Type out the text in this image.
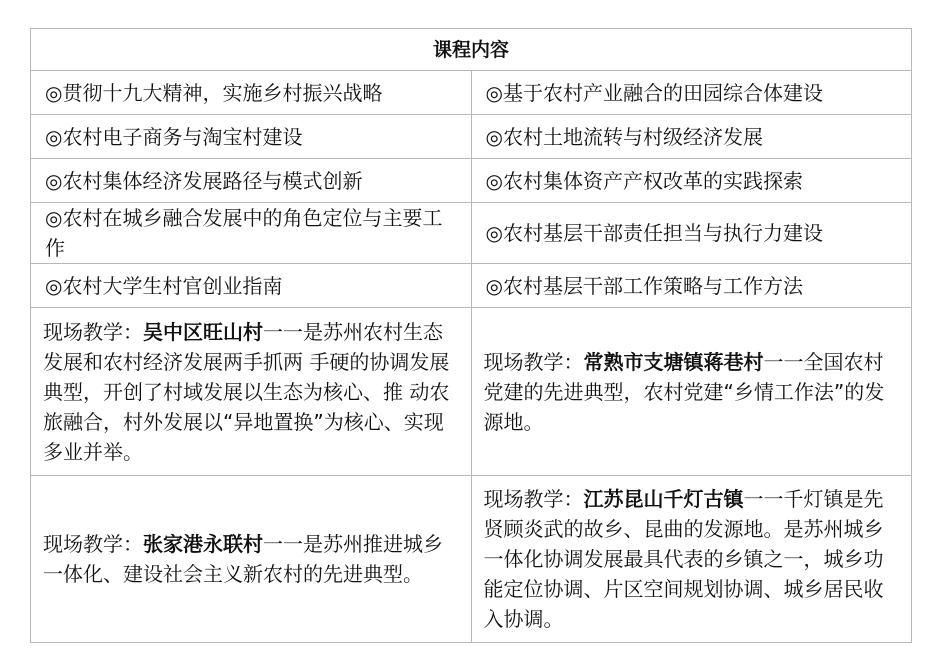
课程内容	
◎贯彻十九大精神，实施乡村振兴战略	◎基于农村产业融合的田园综合体建设
◎农村电子商务与淘宝村建设	◎农村土地流转与村级经济发展
◎农村集体经济发展路径与模式创新	◎农村集体资产产权改革的实践探索
◎农村在城乡融合发展中的角色定位与主要工作	◎农村基层干部责任担当与执行力建设
◎农村大学生村官创业指南	◎农村基层干部工作策略与工作方法
现场教学：吴中区旺山村一一是苏州农村生态发展和农村经济发展两手抓两 手硬的协调发展典型，开创了村域发展以生态为核心、推 动农旅融合，村外发展以“异地置换”为核心、实现多业并举。	现场教学：常熟市支塘镇蒋巷村一一全国农村党建的先进典型，农村党建“乡情工作法”的发源地。
现场教学：张家港永联村一一是苏州推进城乡一体化、建设社会主义新农村的先进典型。	现场教学：江苏昆山千灯古镇一一千灯镇是先贤顾炎武的故乡、昆曲的发源地。是苏州城乡一体化协调发展最具代表的乡镇之一，城乡功能定位协调、片区空间规划协调、城乡居民收入协调。
